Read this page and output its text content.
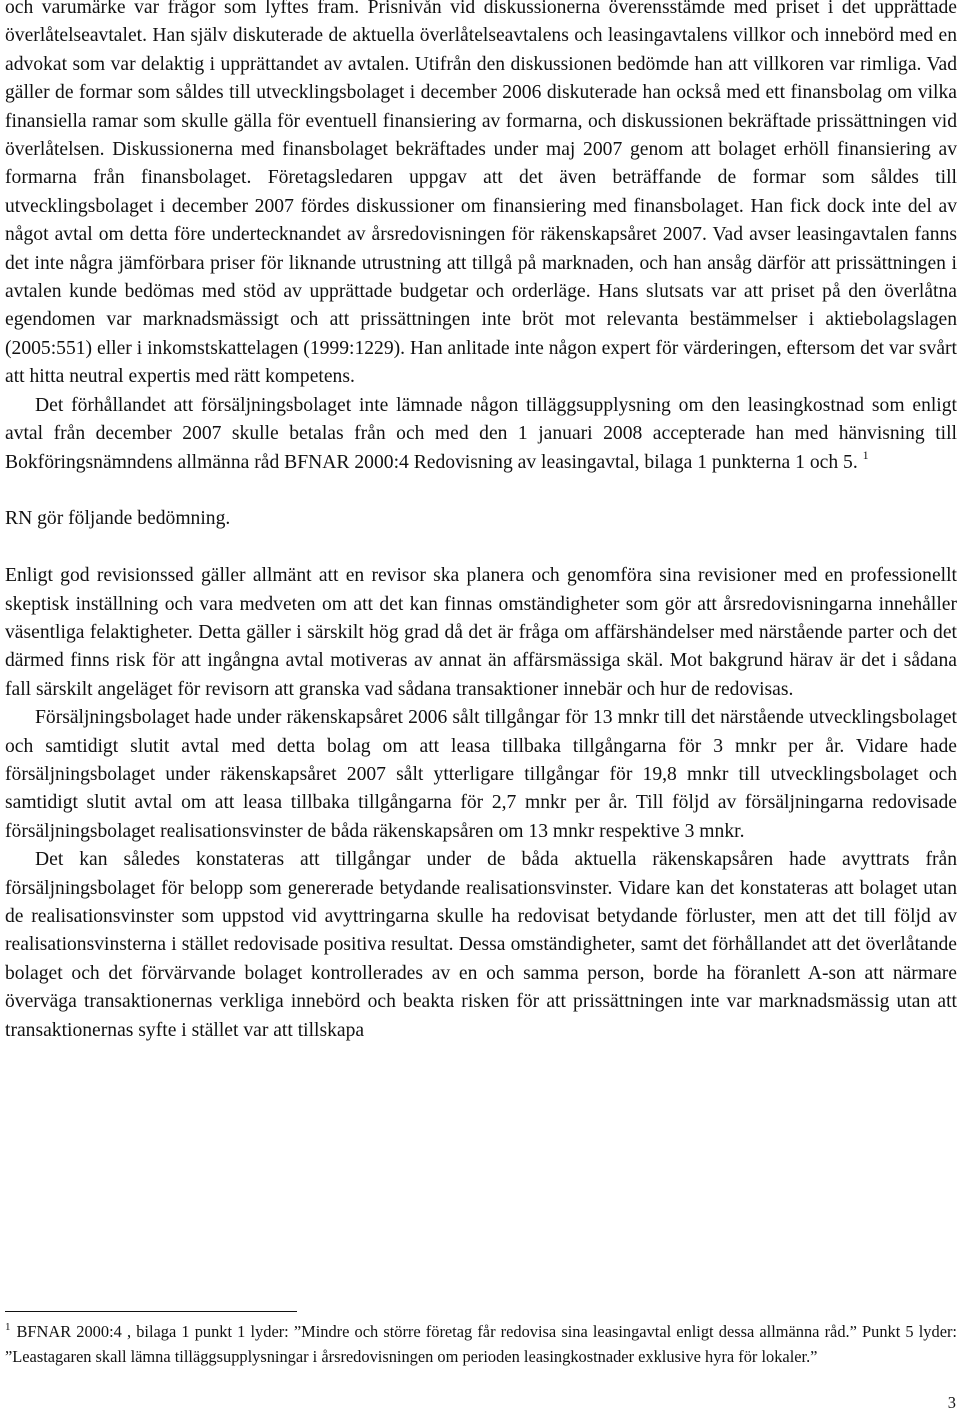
och varumärke var frågor som lyftes fram. Prisnivån vid diskussionerna överensstämde med priset i det upprättade överlåtelseavtalet. Han själv diskuterade de aktuella överlåtelseavtalens och leasingavtalens villkor och innebörd med en advokat som var delaktig i upprättandet av avtalen. Utifrån den diskussionen bedömde han att villkoren var rimliga. Vad gäller de formar som såldes till utvecklingsbolaget i december 2006 diskuterade han också med ett finansbolag om vilka finansiella ramar som skulle gälla för eventuell finansiering av formarna, och diskussionen bekräftade prissättningen vid överlåtelsen. Diskussionerna med finansbolaget bekräftades under maj 2007 genom att bolaget erhöll finansiering av formarna från finansbolaget. Företagsledaren uppgav att det även beträffande de formar som såldes till utvecklingsbolaget i december 2007 fördes diskussioner om finansiering med finansbolaget. Han fick dock inte del av något avtal om detta före undertecknandet av årsredovisningen för räkenskapsåret 2007. Vad avser leasingavtalen fanns det inte några jämförbara priser för liknande utrustning att tillgå på marknaden, och han ansåg därför att prissättningen i avtalen kunde bedömas med stöd av upprättade budgetar och orderläge. Hans slutsats var att priset på den överlåtna egendomen var marknadsmässigt och att prissättningen inte bröt mot relevanta bestämmelser i aktiebolagslagen (2005:551) eller i inkomstskattelagen (1999:1229). Han anlitade inte någon expert för värderingen, eftersom det var svårt att hitta neutral expertis med rätt kompetens.

Det förhållandet att försäljningsbolaget inte lämnade någon tilläggsupplysning om den leasingkostnad som enligt avtal från december 2007 skulle betalas från och med den 1 januari 2008 accepterade han med hänvisning till Bokföringsnämndens allmänna råd BFNAR 2000:4 Redovisning av leasingavtal, bilaga 1 punkterna 1 och 5. $^1$

RN gör följande bedömning.

Enligt god revisionssed gäller allmänt att en revisor ska planera och genomföra sina revisioner med en professionellt skeptisk inställning och vara medveten om att det kan finnas omständigheter som gör att årsredovisningarna innehåller väsentliga felaktigheter. Detta gäller i särskilt hög grad då det är fråga om affärshändelser med närstående parter och det därmed finns risk för att ingångna avtal motiveras av annat än affärsmässiga skäl. Mot bakgrund härav är det i sådana fall särskilt angeläget för revisorn att granska vad sådana transaktioner innebär och hur de redovisas.

Försäljningsbolaget hade under räkenskapsåret 2006 sålt tillgångar för 13 mnkr till det närstående utvecklingsbolaget och samtidigt slutit avtal med detta bolag om att leasa tillbaka tillgångarna för 3 mnkr per år. Vidare hade försäljningsbolaget under räkenskapsåret 2007 sålt ytterligare tillgångar för 19,8 mnkr till utvecklingsbolaget och samtidigt slutit avtal om att leasa tillbaka tillgångarna för 2,7 mnkr per år. Till följd av försäljningarna redovisade försäljningsbolaget realisationsvinster de båda räkenskapsåren om 13 mnkr respektive 3 mnkr.

Det kan således konstateras att tillgångar under de båda aktuella räkenskapsåren hade avyttrats från försäljningsbolaget för belopp som genererade betydande realisationsvinster. Vidare kan det konstateras att bolaget utan de realisationsvinster som uppstod vid avyttringarna skulle ha redovisat betydande förluster, men att det till följd av realisationsvinsterna i stället redovisade positiva resultat. Dessa omständigheter, samt det förhållandet att det överlåtande bolaget och det förvärvande bolaget kontrollerades av en och samma person, borde ha föranlett A-son att närmare överväga transaktionernas verkliga innebörd och beakta risken för att prissättningen inte var marknadsmässig utan att transaktionernas syfte i stället var att tillskapa

$^1$ BFNAR 2000:4 , bilaga 1 punkt 1 lyder: ”Mindre och större företag får redovisa sina leasingavtal enligt dessa allmänna råd.” Punkt 5 lyder: ”Leastagaren skall lämna tilläggsupplysningar i årsredovisningen om perioden leasingkostnader exklusive hyra för lokaler.”

3
